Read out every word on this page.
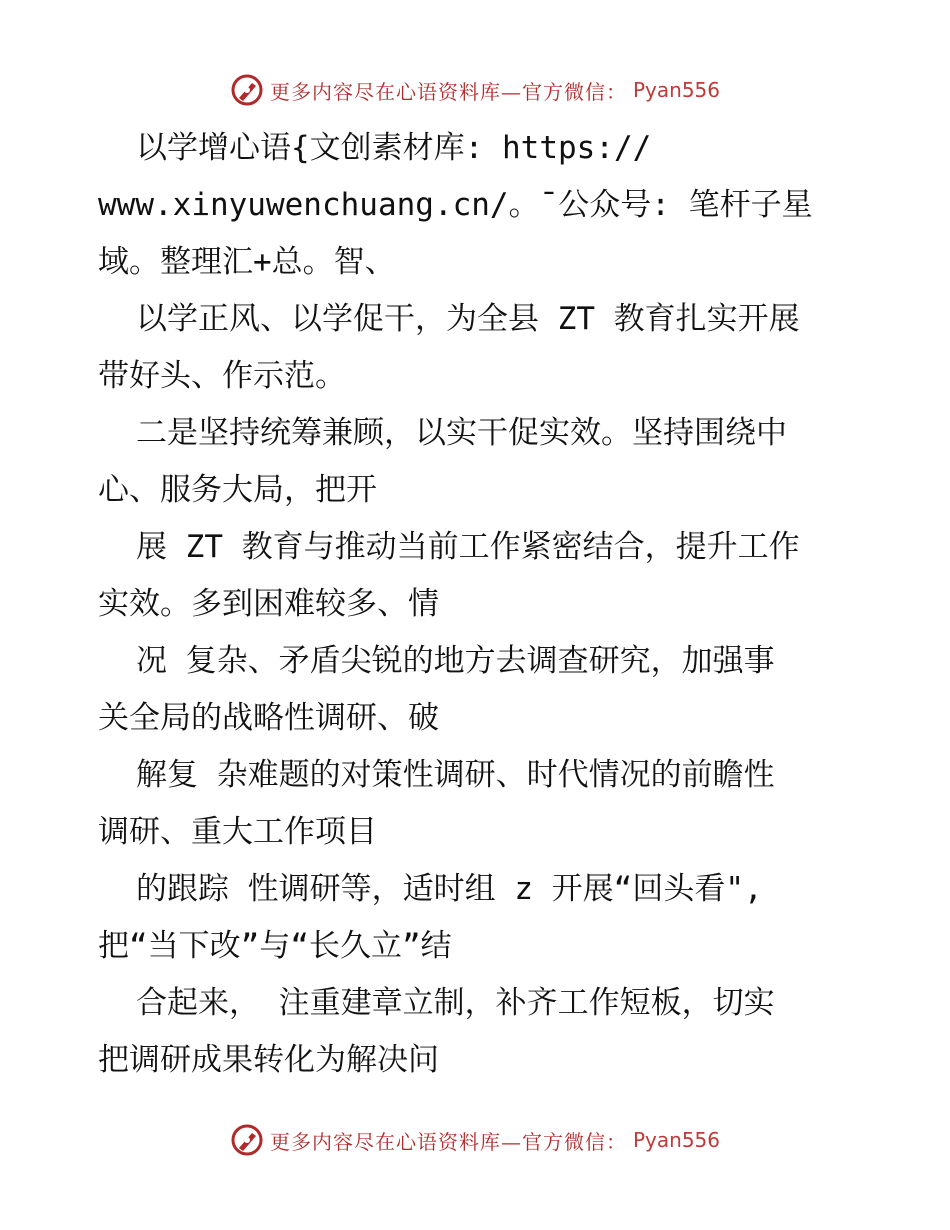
更多内容尽在心语资料库—官方微信： Pyan556
以学增心语{文创素材库: https://
www.xinyuwenchuang.cn/。¯公众号: 笔杆子星
域。整理汇+总。智、
以学正风、以学促干，为全县 ZT 教育扎实开展
带好头、作示范。
二是坚持统筹兼顾，以实干促实效。坚持围绕中
心、服务大局，把开
展 ZT 教育与推动当前工作紧密结合，提升工作
实效。多到困难较多、情
况 复杂、矛盾尖锐的地方去调查研究，加强事
关全局的战略性调研、破
解复 杂难题的对策性调研、时代情况的前瞻性
调研、重大工作项目
的跟踪 性调研等，适时组 z 开展“回头看",
把“当下改”与“长久立”结
合起来， 注重建章立制，补齐工作短板，切实
把调研成果转化为解决问
更多内容尽在心语资料库—官方微信： Pyan556
